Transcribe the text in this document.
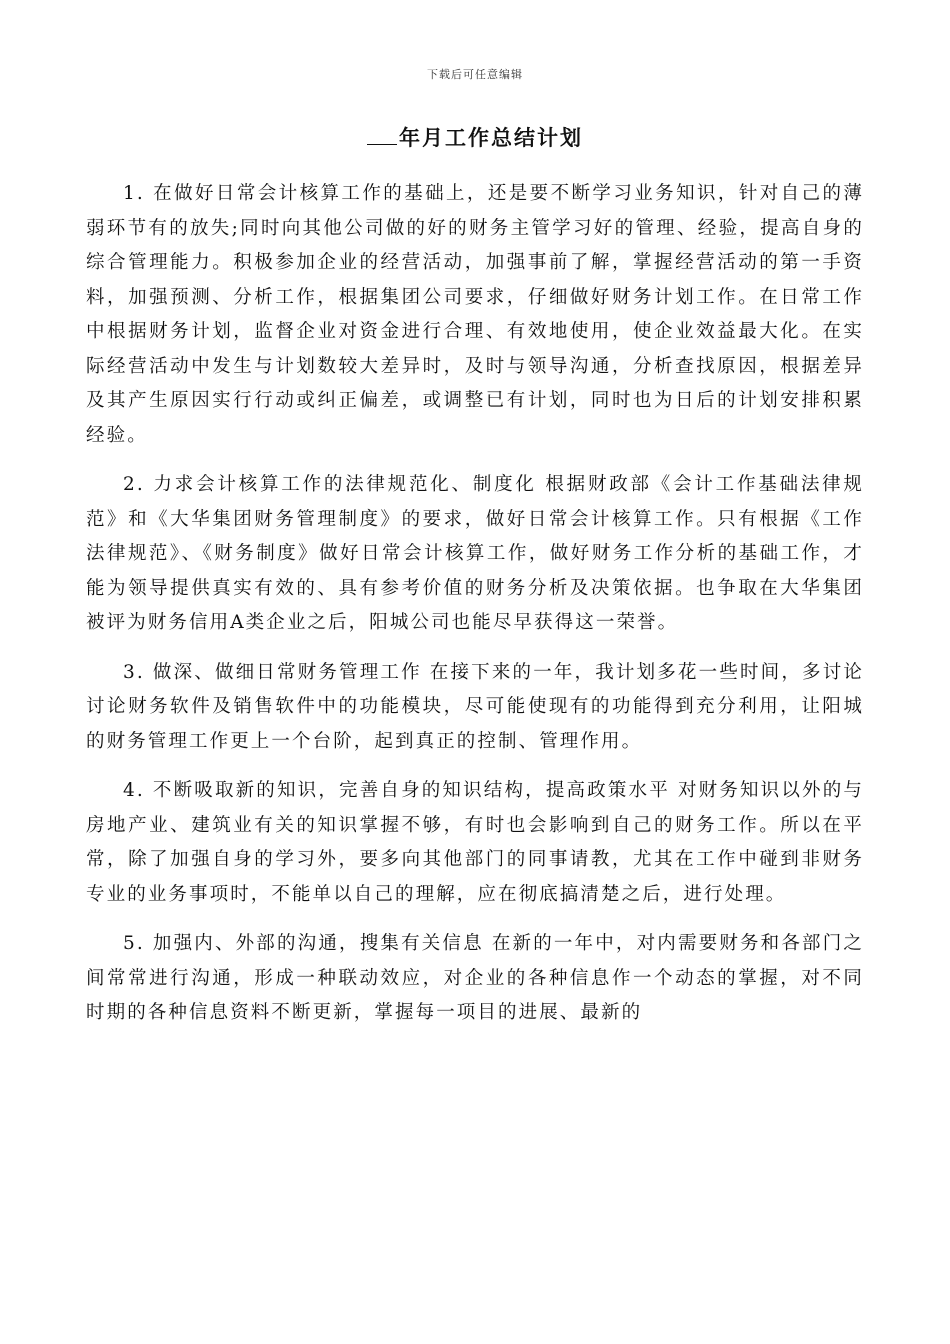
下载后可任意编辑
年月工作总结计划

1. 在做好日常会计核算工作的基础上，还是要不断学习业务知识，针对自己的薄弱环节有的放失;同时向其他公司做的好的财务主管学习好的管理、经验，提高自身的综合管理能力。积极参加企业的经营活动，加强事前了解，掌握经营活动的第一手资料，加强预测、分析工作，根据集团公司要求，仔细做好财务计划工作。在日常工作中根据财务计划，监督企业对资金进行合理、有效地使用，使企业效益最大化。在实际经营活动中发生与计划数较大差异时，及时与领导沟通，分析查找原因，根据差异及其产生原因实行行动或纠正偏差，或调整已有计划，同时也为日后的计划安排积累经验。

2. 力求会计核算工作的法律规范化、制度化 根据财政部《会计工作基础法律规范》和《大华集团财务管理制度》的要求，做好日常会计核算工作。只有根据《工作法律规范》、《财务制度》做好日常会计核算工作，做好财务工作分析的基础工作，才能为领导提供真实有效的、具有参考价值的财务分析及决策依据。也争取在大华集团被评为财务信用A类企业之后，阳城公司也能尽早获得这一荣誉。

3. 做深、做细日常财务管理工作 在接下来的一年，我计划多花一些时间，多讨论讨论财务软件及销售软件中的功能模块，尽可能使现有的功能得到充分利用，让阳城的财务管理工作更上一个台阶，起到真正的控制、管理作用。

4. 不断吸取新的知识，完善自身的知识结构，提高政策水平 对财务知识以外的与房地产业、建筑业有关的知识掌握不够，有时也会影响到自己的财务工作。所以在平常，除了加强自身的学习外，要多向其他部门的同事请教，尤其在工作中碰到非财务专业的业务事项时，不能单以自己的理解，应在彻底搞清楚之后，进行处理。

5. 加强内、外部的沟通，搜集有关信息 在新的一年中，对内需要财务和各部门之间常常进行沟通，形成一种联动效应，对企业的各种信息作一个动态的掌握，对不同时期的各种信息资料不断更新，掌握每一项目的进展、最新的
